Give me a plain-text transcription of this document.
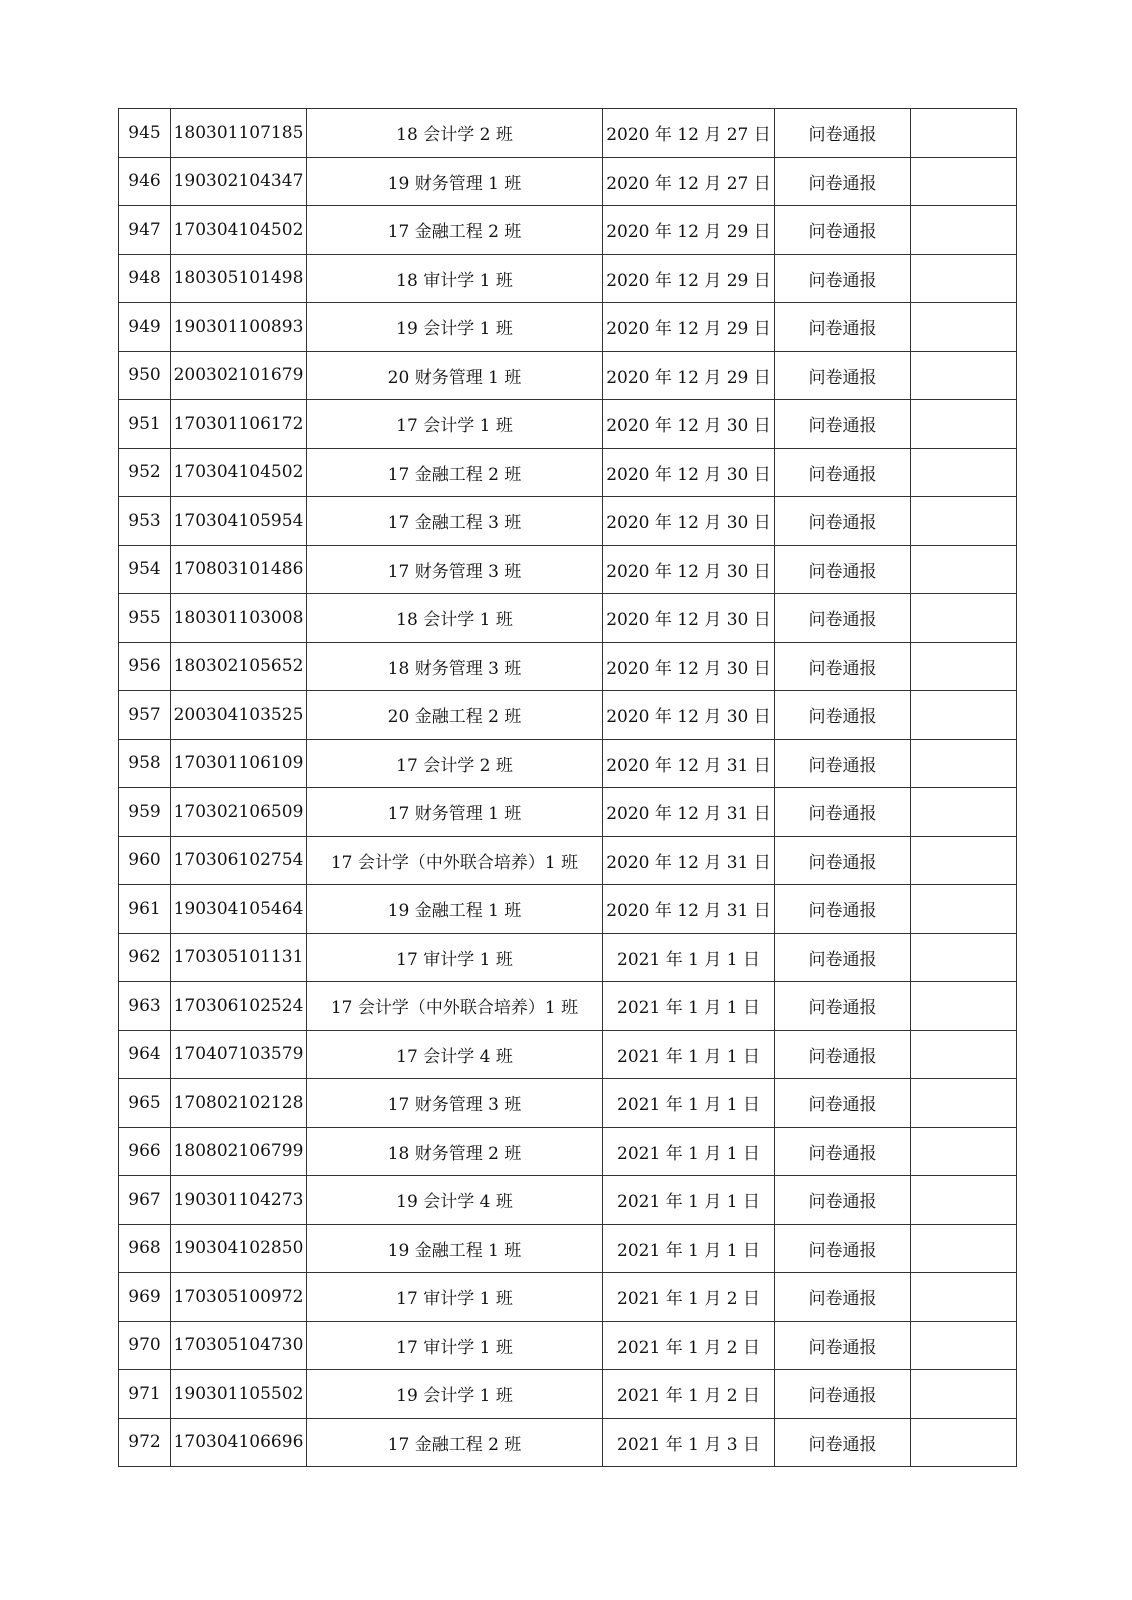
945	180301107185	18 会计学 2 班	2020 年 12 月 27 日	问卷通报	
946	190302104347	19 财务管理 1 班	2020 年 12 月 27 日	问卷通报	
947	170304104502	17 金融工程 2 班	2020 年 12 月 29 日	问卷通报	
948	180305101498	18 审计学 1 班	2020 年 12 月 29 日	问卷通报	
949	190301100893	19 会计学 1 班	2020 年 12 月 29 日	问卷通报	
950	200302101679	20 财务管理 1 班	2020 年 12 月 29 日	问卷通报	
951	170301106172	17 会计学 1 班	2020 年 12 月 30 日	问卷通报	
952	170304104502	17 金融工程 2 班	2020 年 12 月 30 日	问卷通报	
953	170304105954	17 金融工程 3 班	2020 年 12 月 30 日	问卷通报	
954	170803101486	17 财务管理 3 班	2020 年 12 月 30 日	问卷通报	
955	180301103008	18 会计学 1 班	2020 年 12 月 30 日	问卷通报	
956	180302105652	18 财务管理 3 班	2020 年 12 月 30 日	问卷通报	
957	200304103525	20 金融工程 2 班	2020 年 12 月 30 日	问卷通报	
958	170301106109	17 会计学 2 班	2020 年 12 月 31 日	问卷通报	
959	170302106509	17 财务管理 1 班	2020 年 12 月 31 日	问卷通报	
960	170306102754	17 会计学（中外联合培养）1 班	2020 年 12 月 31 日	问卷通报	
961	190304105464	19 金融工程 1 班	2020 年 12 月 31 日	问卷通报	
962	170305101131	17 审计学 1 班	2021 年 1 月 1 日	问卷通报	
963	170306102524	17 会计学（中外联合培养）1 班	2021 年 1 月 1 日	问卷通报	
964	170407103579	17 会计学 4 班	2021 年 1 月 1 日	问卷通报	
965	170802102128	17 财务管理 3 班	2021 年 1 月 1 日	问卷通报	
966	180802106799	18 财务管理 2 班	2021 年 1 月 1 日	问卷通报	
967	190301104273	19 会计学 4 班	2021 年 1 月 1 日	问卷通报	
968	190304102850	19 金融工程 1 班	2021 年 1 月 1 日	问卷通报	
969	170305100972	17 审计学 1 班	2021 年 1 月 2 日	问卷通报	
970	170305104730	17 审计学 1 班	2021 年 1 月 2 日	问卷通报	
971	190301105502	19 会计学 1 班	2021 年 1 月 2 日	问卷通报	
972	170304106696	17 金融工程 2 班	2021 年 1 月 3 日	问卷通报	
